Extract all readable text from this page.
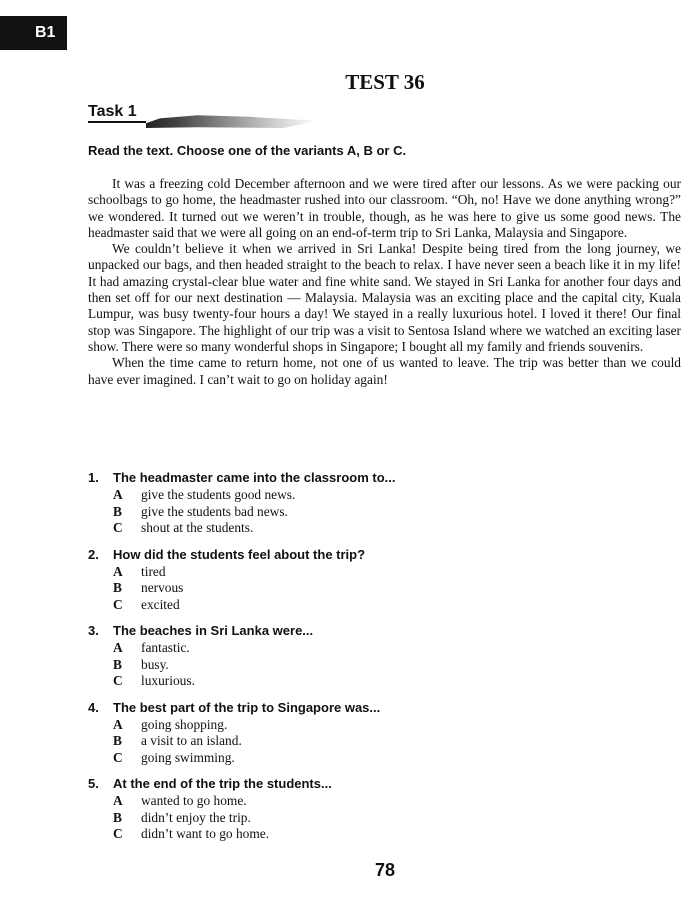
B1
TEST 36
Task 1
Read the text. Choose one of the variants A, B or C.

It was a freezing cold December afternoon and we were tired after our lessons. As we were packing our schoolbags to go home, the headmaster rushed into our classroom. “Oh, no! Have we done anything wrong?” we wondered. It turned out we weren’t in trouble, though, as he was here to give us some good news. The headmaster said that we were all going on an end-of-term trip to Sri Lanka, Malaysia and Singapore.

We couldn’t believe it when we arrived in Sri Lanka! Despite being tired from the long journey, we unpacked our bags, and then headed straight to the beach to relax. I have never seen a beach like it in my life! It had amazing crystal-clear blue water and fine white sand. We stayed in Sri Lanka for another four days and then set off for our next destination — Malaysia. Malaysia was an exciting place and the capital city, Kuala Lumpur, was busy twenty-four hours a day! We stayed in a really luxurious hotel. I loved it there! Our final stop was Singapore. The highlight of our trip was a visit to Sentosa Island where we watched an exciting laser show. There were so many wonderful shops in Singapore; I bought all my family and friends souvenirs.

When the time came to return home, not one of us wanted to leave. The trip was better than we could have ever imagined. I can’t wait to go on holiday again!

1.	The headmaster came into the classroom to...
A	give the students good news.
B	give the students bad news.
C	shout at the students.
2.	How did the students feel about the trip?
A	tired
B	nervous
C	excited
3.	The beaches in Sri Lanka were...
A	fantastic.
B	busy.
C	luxurious.
4.	The best part of the trip to Singapore was...
A	going shopping.
B	a visit to an island.
C	going swimming.
5.	At the end of the trip the students...
A	wanted to go home.
B	didn’t enjoy the trip.
C	didn’t want to go home.
78
